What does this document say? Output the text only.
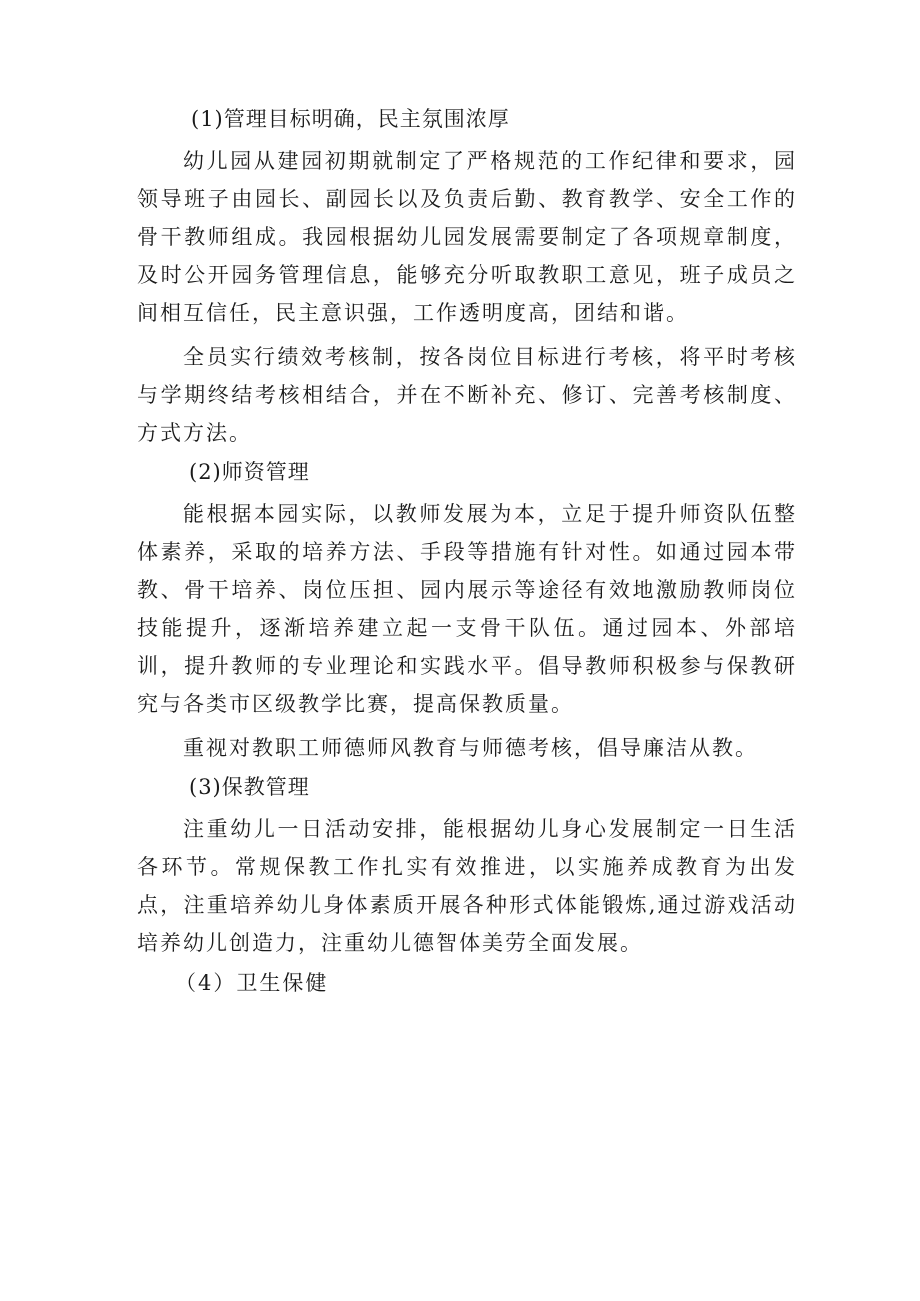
(1)管理目标明确，民主氛围浓厚

幼儿园从建园初期就制定了严格规范的工作纪律和要求，园领导班子由园长、副园长以及负责后勤、教育教学、安全工作的骨干教师组成。我园根据幼儿园发展需要制定了各项规章制度，及时公开园务管理信息，能够充分听取教职工意见，班子成员之间相互信任，民主意识强，工作透明度高，团结和谐。

全员实行绩效考核制，按各岗位目标进行考核，将平时考核与学期终结考核相结合，并在不断补充、修订、完善考核制度、方式方法。

(2)师资管理

能根据本园实际，以教师发展为本，立足于提升师资队伍整体素养，采取的培养方法、手段等措施有针对性。如通过园本带教、骨干培养、岗位压担、园内展示等途径有效地激励教师岗位技能提升，逐渐培养建立起一支骨干队伍。通过园本、外部培训，提升教师的专业理论和实践水平。倡导教师积极参与保教研究与各类市区级教学比赛，提高保教质量。

重视对教职工师德师风教育与师德考核，倡导廉洁从教。

(3)保教管理

注重幼儿一日活动安排，能根据幼儿身心发展制定一日生活各环节。常规保教工作扎实有效推进，以实施养成教育为出发点，注重培养幼儿身体素质开展各种形式体能锻炼,通过游戏活动培养幼儿创造力，注重幼儿德智体美劳全面发展。

（4）卫生保健
